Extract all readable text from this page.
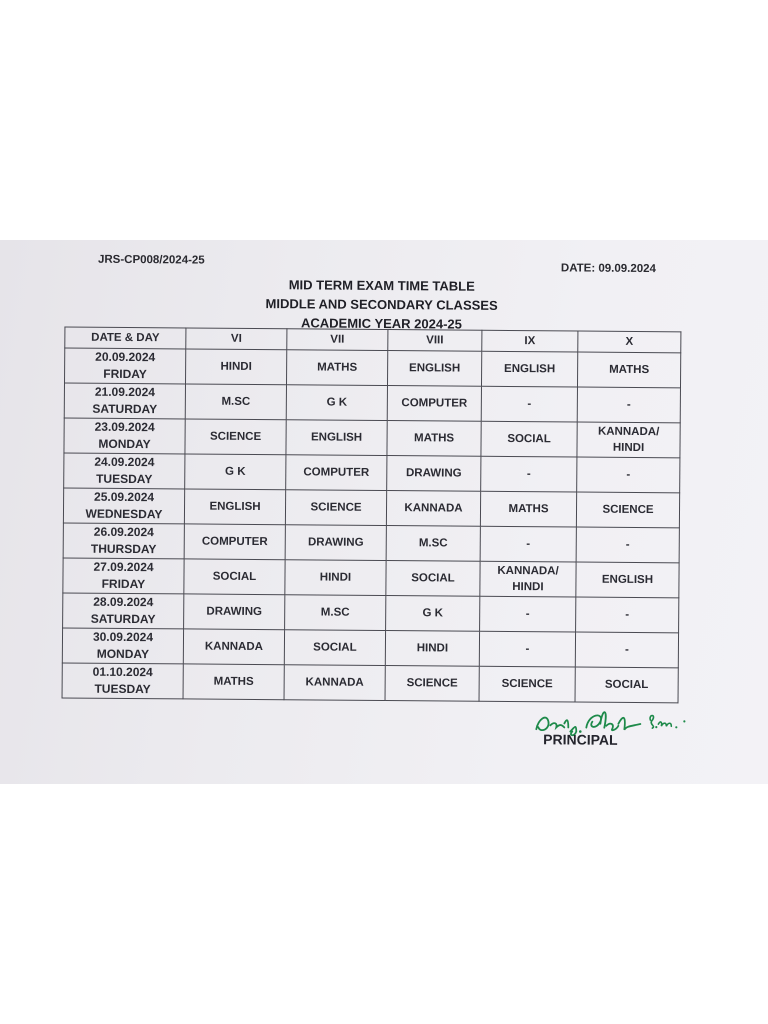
JRS-CP008/2024-25
DATE: 09.09.2024
MID TERM EXAM TIME TABLE
MIDDLE AND SECONDARY CLASSES
ACADEMIC YEAR 2024-25
DATE & DAY	VI	VII	VIII	IX	X

20.09.2024
FRIDAY	HINDI	MATHS	ENGLISH	ENGLISH	MATHS

21.09.2024
SATURDAY	M.SC	G K	COMPUTER	-	-

23.09.2024
MONDAY	SCIENCE	ENGLISH	MATHS	SOCIAL	KANNADA/
HINDI

24.09.2024
TUESDAY	G K	COMPUTER	DRAWING	-	-

25.09.2024
WEDNESDAY	ENGLISH	SCIENCE	KANNADA	MATHS	SCIENCE

26.09.2024
THURSDAY	COMPUTER	DRAWING	M.SC	-	-

27.09.2024
FRIDAY	SOCIAL	HINDI	SOCIAL	KANNADA/
HINDI	ENGLISH

28.09.2024
SATURDAY	DRAWING	M.SC	G K	-	-

30.09.2024
MONDAY	KANNADA	SOCIAL	HINDI	-	-

01.10.2024
TUESDAY	MATHS	KANNADA	SCIENCE	SCIENCE	SOCIAL
PRINCIPAL
